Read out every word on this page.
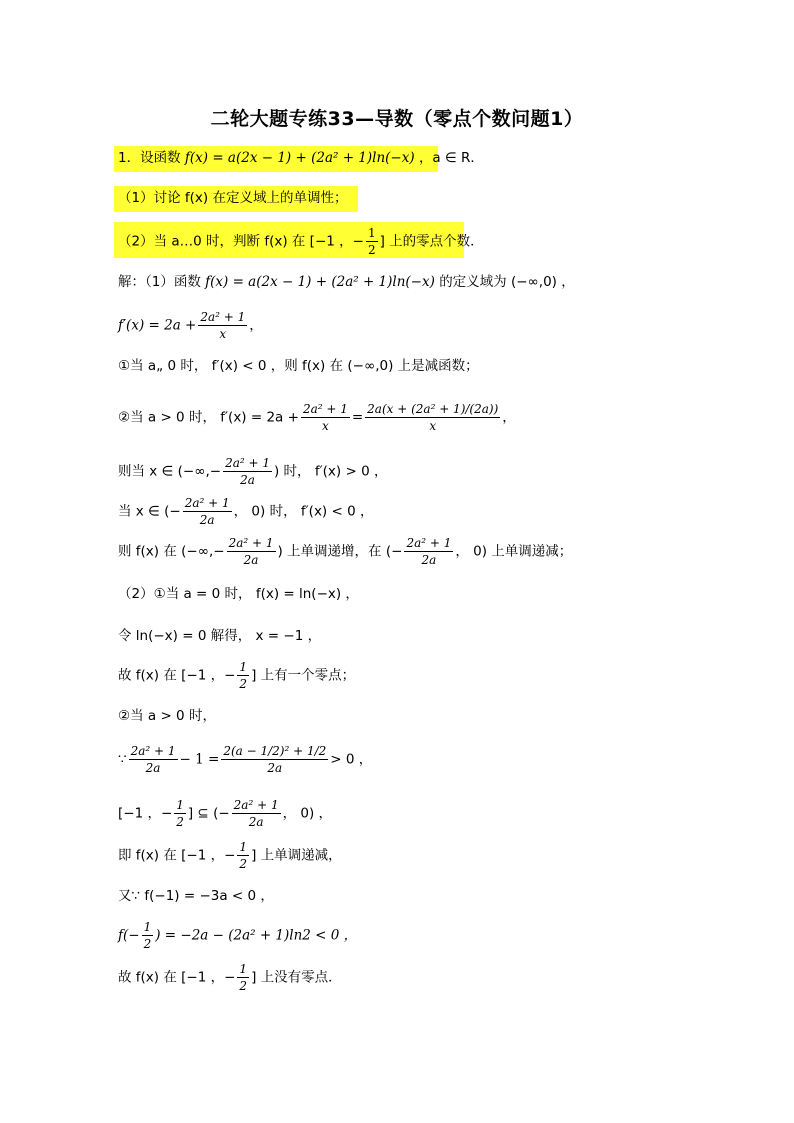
二轮大题专练33—导数（零点个数问题1）
1．设函数 f(x) = a(2x − 1) + (2a² + 1)ln(−x) ，a ∈ R．
（1）讨论 f(x) 在定义域上的单调性；
（2）当 a…0 时，判断 f(x) 在 [−1 ，− $\frac{1}{2}$ ] 上的零点个数．
解：（1）函数 f(x) = a(2x − 1) + (2a² + 1)ln(−x) 的定义域为 (−∞,0) ，
$f'(x) = 2a + \frac{\text{2a² + 1}}{x}$ ，
①当 a„ 0 时， f′(x) < 0 ，则 f(x) 在 (−∞,0) 上是减函数；
②当 a > 0 时， $f'(x) = 2a + \frac{\text{2a² + 1}}{x} = \frac{\text{2a(x + (2a² + 1)/(2a))}}{x}$ ，
则当 x ∈ (−∞,− $\frac{\text{2a² + 1}}{2a}$ ) 时， f′(x) > 0 ，
当 x ∈ (− $\frac{\text{2a² + 1}}{2a}$ ， 0) 时， f′(x) < 0 ，
则 f(x) 在 (−∞,− $\frac{\text{2a² + 1}}{2a}$ ) 上单调递增，在 (− $\frac{\text{2a² + 1}}{2a}$ ， 0) 上单调递减；
（2）①当 a = 0 时， f(x) = ln(−x) ，
令 ln(−x) = 0 解得， x = −1 ，
故 f(x) 在 [−1 ，− $\frac{1}{2}$ ] 上有一个零点；
②当 a > 0 时，
∵ $\frac{\text{2a² + 1}}{2a} - 1 = \frac{\text{2(a − 1/2)² + 1/2}}{2a} > 0$ ，
[−1 ，− $\frac{1}{2}$ ] ⊆ (− $\frac{\text{2a² + 1}}{2a}$ ， 0) ，
即 f(x) 在 [−1 ，− $\frac{1}{2}$ ] 上单调递减，
又∵ f(−1) = −3a < 0 ，
$f(- \frac{1}{2}$ ) = −2a − (2a² + 1)ln2 < 0 ，
故 f(x) 在 [−1 ，− $\frac{1}{2}$ ] 上没有零点．
